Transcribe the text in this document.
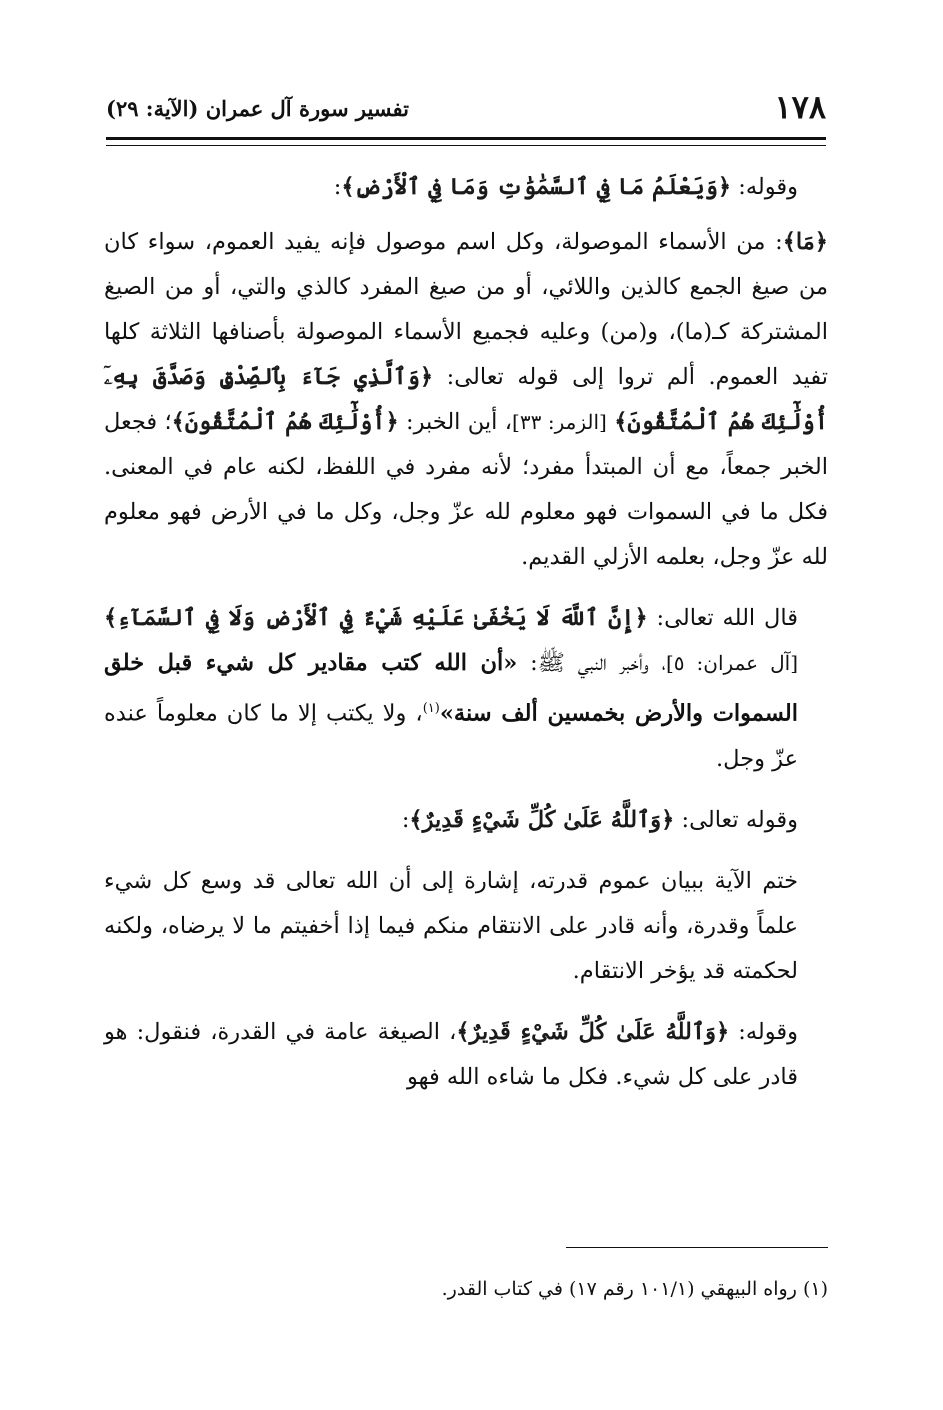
١٧٨
تفسير سورة آل عمران (الآية: ٢٩)

وقوله: ﴿وَيَعْلَمُ مَا فِي ٱلسَّمَٰوَٰتِ وَمَا فِي ٱلْأَرْضِ﴾:

﴿مَا﴾: من الأسماء الموصولة، وكل اسم موصول فإنه يفيد العموم، سواء كان من صيغ الجمع كالذين واللائي، أو من صيغ المفرد كالذي والتي، أو من الصيغ المشتركة كـ(ما)، و(من) وعليه فجميع الأسماء الموصولة بأصنافها الثلاثة كلها تفيد العموم. ألم تروا إلى قوله تعالى: ﴿وَٱلَّذِي جَآءَ بِٱلصِّدْقِ وَصَدَّقَ بِهِۦٓ أُوْلَٰٓئِكَ هُمُ ٱلْمُتَّقُونَ﴾ [الزمر: ٣٣]، أين الخبر: ﴿أُوْلَٰٓئِكَ هُمُ ٱلْمُتَّقُونَ﴾؛ فجعل الخبر جمعاً، مع أن المبتدأ مفرد؛ لأنه مفرد في اللفظ، لكنه عام في المعنى. فكل ما في السموات فهو معلوم لله عزّ وجل، وكل ما في الأرض فهو معلوم لله عزّ وجل، بعلمه الأزلي القديم.

قال الله تعالى: ﴿إِنَّ ٱللَّهَ لَا يَخْفَىٰ عَلَيْهِ شَيْءٌ فِي ٱلْأَرْضِ وَلَا فِي ٱلسَّمَآءِ﴾ [آل عمران: ٥]، وأخبر النبي ﷺ: «أن الله كتب مقادير كل شيء قبل خلق السموات والأرض بخمسين ألف سنة»$^{(١)}$، ولا يكتب إلا ما كان معلوماً عنده عزّ وجل.

وقوله تعالى: ﴿وَٱللَّهُ عَلَىٰ كُلِّ شَيْءٍ قَدِيرٌ﴾:

ختم الآية ببيان عموم قدرته، إشارة إلى أن الله تعالى قد وسع كل شيء علماً وقدرة، وأنه قادر على الانتقام منكم فيما إذا أخفيتم ما لا يرضاه، ولكنه لحكمته قد يؤخر الانتقام.

وقوله: ﴿وَٱللَّهُ عَلَىٰ كُلِّ شَيْءٍ قَدِيرٌ﴾، الصيغة عامة في القدرة، فنقول: هو قادر على كل شيء. فكل ما شاءه الله فهو

(١) رواه البيهقي (١٠١/١ رقم ١٧) في كتاب القدر.
